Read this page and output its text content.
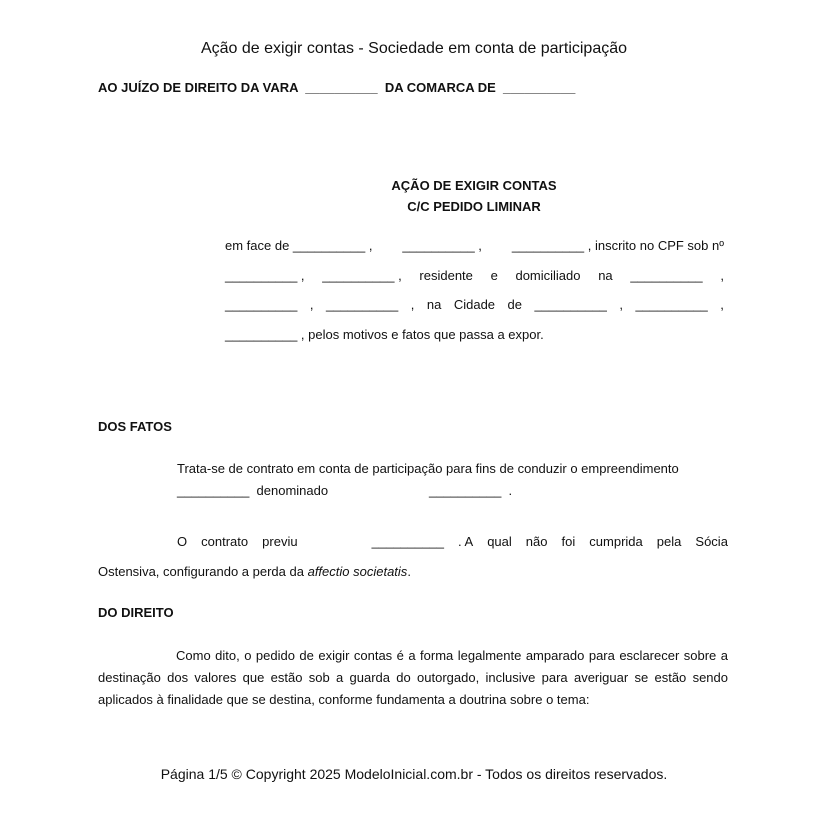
Ação de exigir contas - Sociedade em conta de participação
AO JUÍZO DE DIREITO DA VARA  __________  DA COMARCA DE  __________
AÇÃO DE EXIGIR CONTAS
C/C PEDIDO LIMINAR
em face de __________ , __________ , __________ , inscrito no CPF sob nº
__________ , __________ , residente e domiciliado na __________ ,
__________ , __________ , na Cidade de __________ , __________ ,
__________ , pelos motivos e fatos que passa a expor.
DOS FATOS
Trata-se de contrato em conta de participação para fins de conduzir o empreendimento
__________  denominado	__________  .
O contrato previu	__________ . A qual não foi cumprida pela Sócia
Ostensiva, configurando a perda da affectio societatis.
DO DIREITO
Como dito, o pedido de exigir contas é a forma legalmente amparado para esclarecer sobre a destinação dos valores que estão sob a guarda do outorgado, inclusive para averiguar se estão sendo aplicados à finalidade que se destina, conforme fundamenta a doutrina sobre o tema:
Página 1/5 © Copyright 2025 ModeloInicial.com.br - Todos os direitos reservados.
